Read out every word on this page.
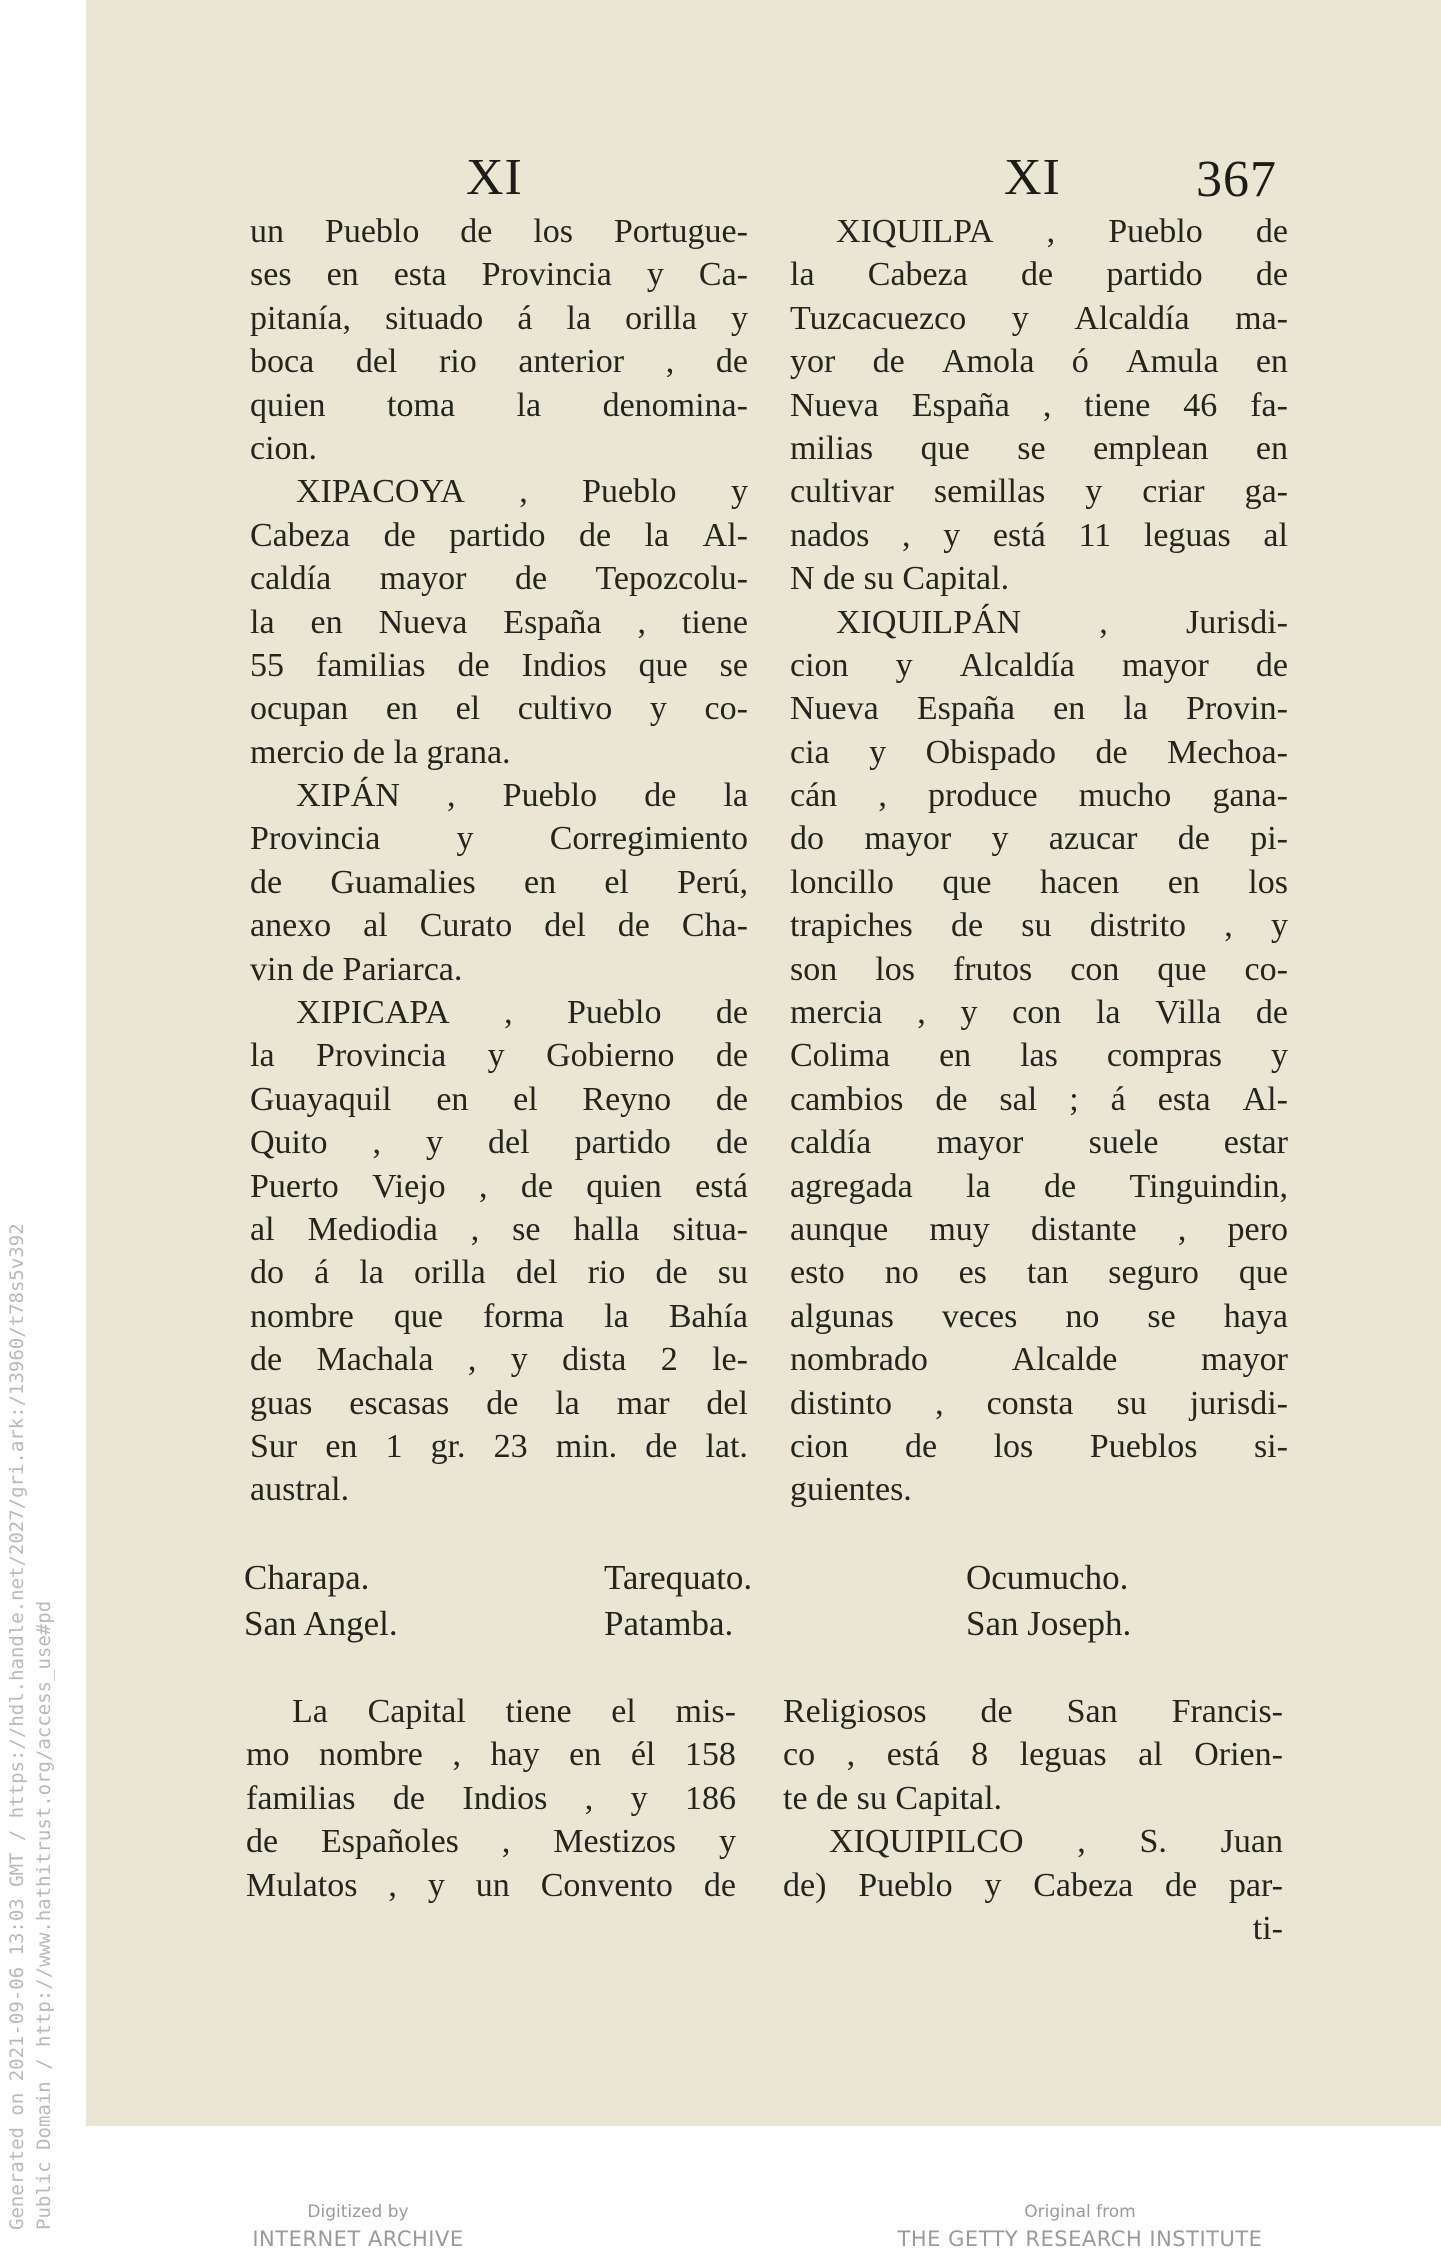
Generated on 2021-09-06 13:03 GMT / https://hdl.handle.net/2027/gri.ark:/13960/t78s5v392 Public Domain / http://www.hathitrust.org/access_use#pd
XI	XI	367
un Pueblo de los Portugue-
ses en esta Provincia y Ca-
pitanía, situado á la orilla y
boca del rio anterior , de
quien toma la denomina-
cion.
XIPACOYA , Pueblo y
Cabeza de partido de la Al-
caldía mayor de Tepozcolu-
la en Nueva España , tiene
55 familias de Indios que se
ocupan en el cultivo y co-
mercio de la grana.
XIPÁN , Pueblo de la
Provincia y Corregimiento
de Guamalies en el Perú,
anexo al Curato del de Cha-
vin de Pariarca.
XIPICAPA , Pueblo de
la Provincia y Gobierno de
Guayaquil en el Reyno de
Quito , y del partido de
Puerto Viejo , de quien está
al Mediodia , se halla situa-
do á la orilla del rio de su
nombre que forma la Bahía
de Machala , y dista 2 le-
guas escasas de la mar del
Sur en 1 gr. 23 min. de lat.
austral.
XIQUILPA , Pueblo de
la Cabeza de partido de
Tuzcacuezco y Alcaldía ma-
yor de Amola ó Amula en
Nueva España , tiene 46 fa-
milias que se emplean en
cultivar semillas y criar ga-
nados , y está 11 leguas al
N de su Capital.
XIQUILPÁN , Jurisdi-
cion y Alcaldía mayor de
Nueva España en la Provin-
cia y Obispado de Mechoa-
cán , produce mucho gana-
do mayor y azucar de pi-
loncillo que hacen en los
trapiches de su distrito , y
son los frutos con que co-
mercia , y con la Villa de
Colima en las compras y
cambios de sal ; á esta Al-
caldía mayor suele estar
agregada la de Tinguindin,
aunque muy distante , pero
esto no es tan seguro que
algunas veces no se haya
nombrado Alcalde mayor
distinto , consta su jurisdi-
cion de los Pueblos si-
guientes.
Charapa.	Tarequato.	Ocumucho.
San Angel.	Patamba.	San Joseph.
La Capital tiene el mis-
mo nombre , hay en él 158
familias de Indios , y 186
de Españoles , Mestizos y
Mulatos , y un Convento de
Religiosos de San Francis-
co , está 8 leguas al Orien-
te de su Capital.
XIQUIPILCO , S. Juan
de) Pueblo y Cabeza de par-
ti-
Digitized by
INTERNET ARCHIVE
Original from
THE GETTY RESEARCH INSTITUTE
